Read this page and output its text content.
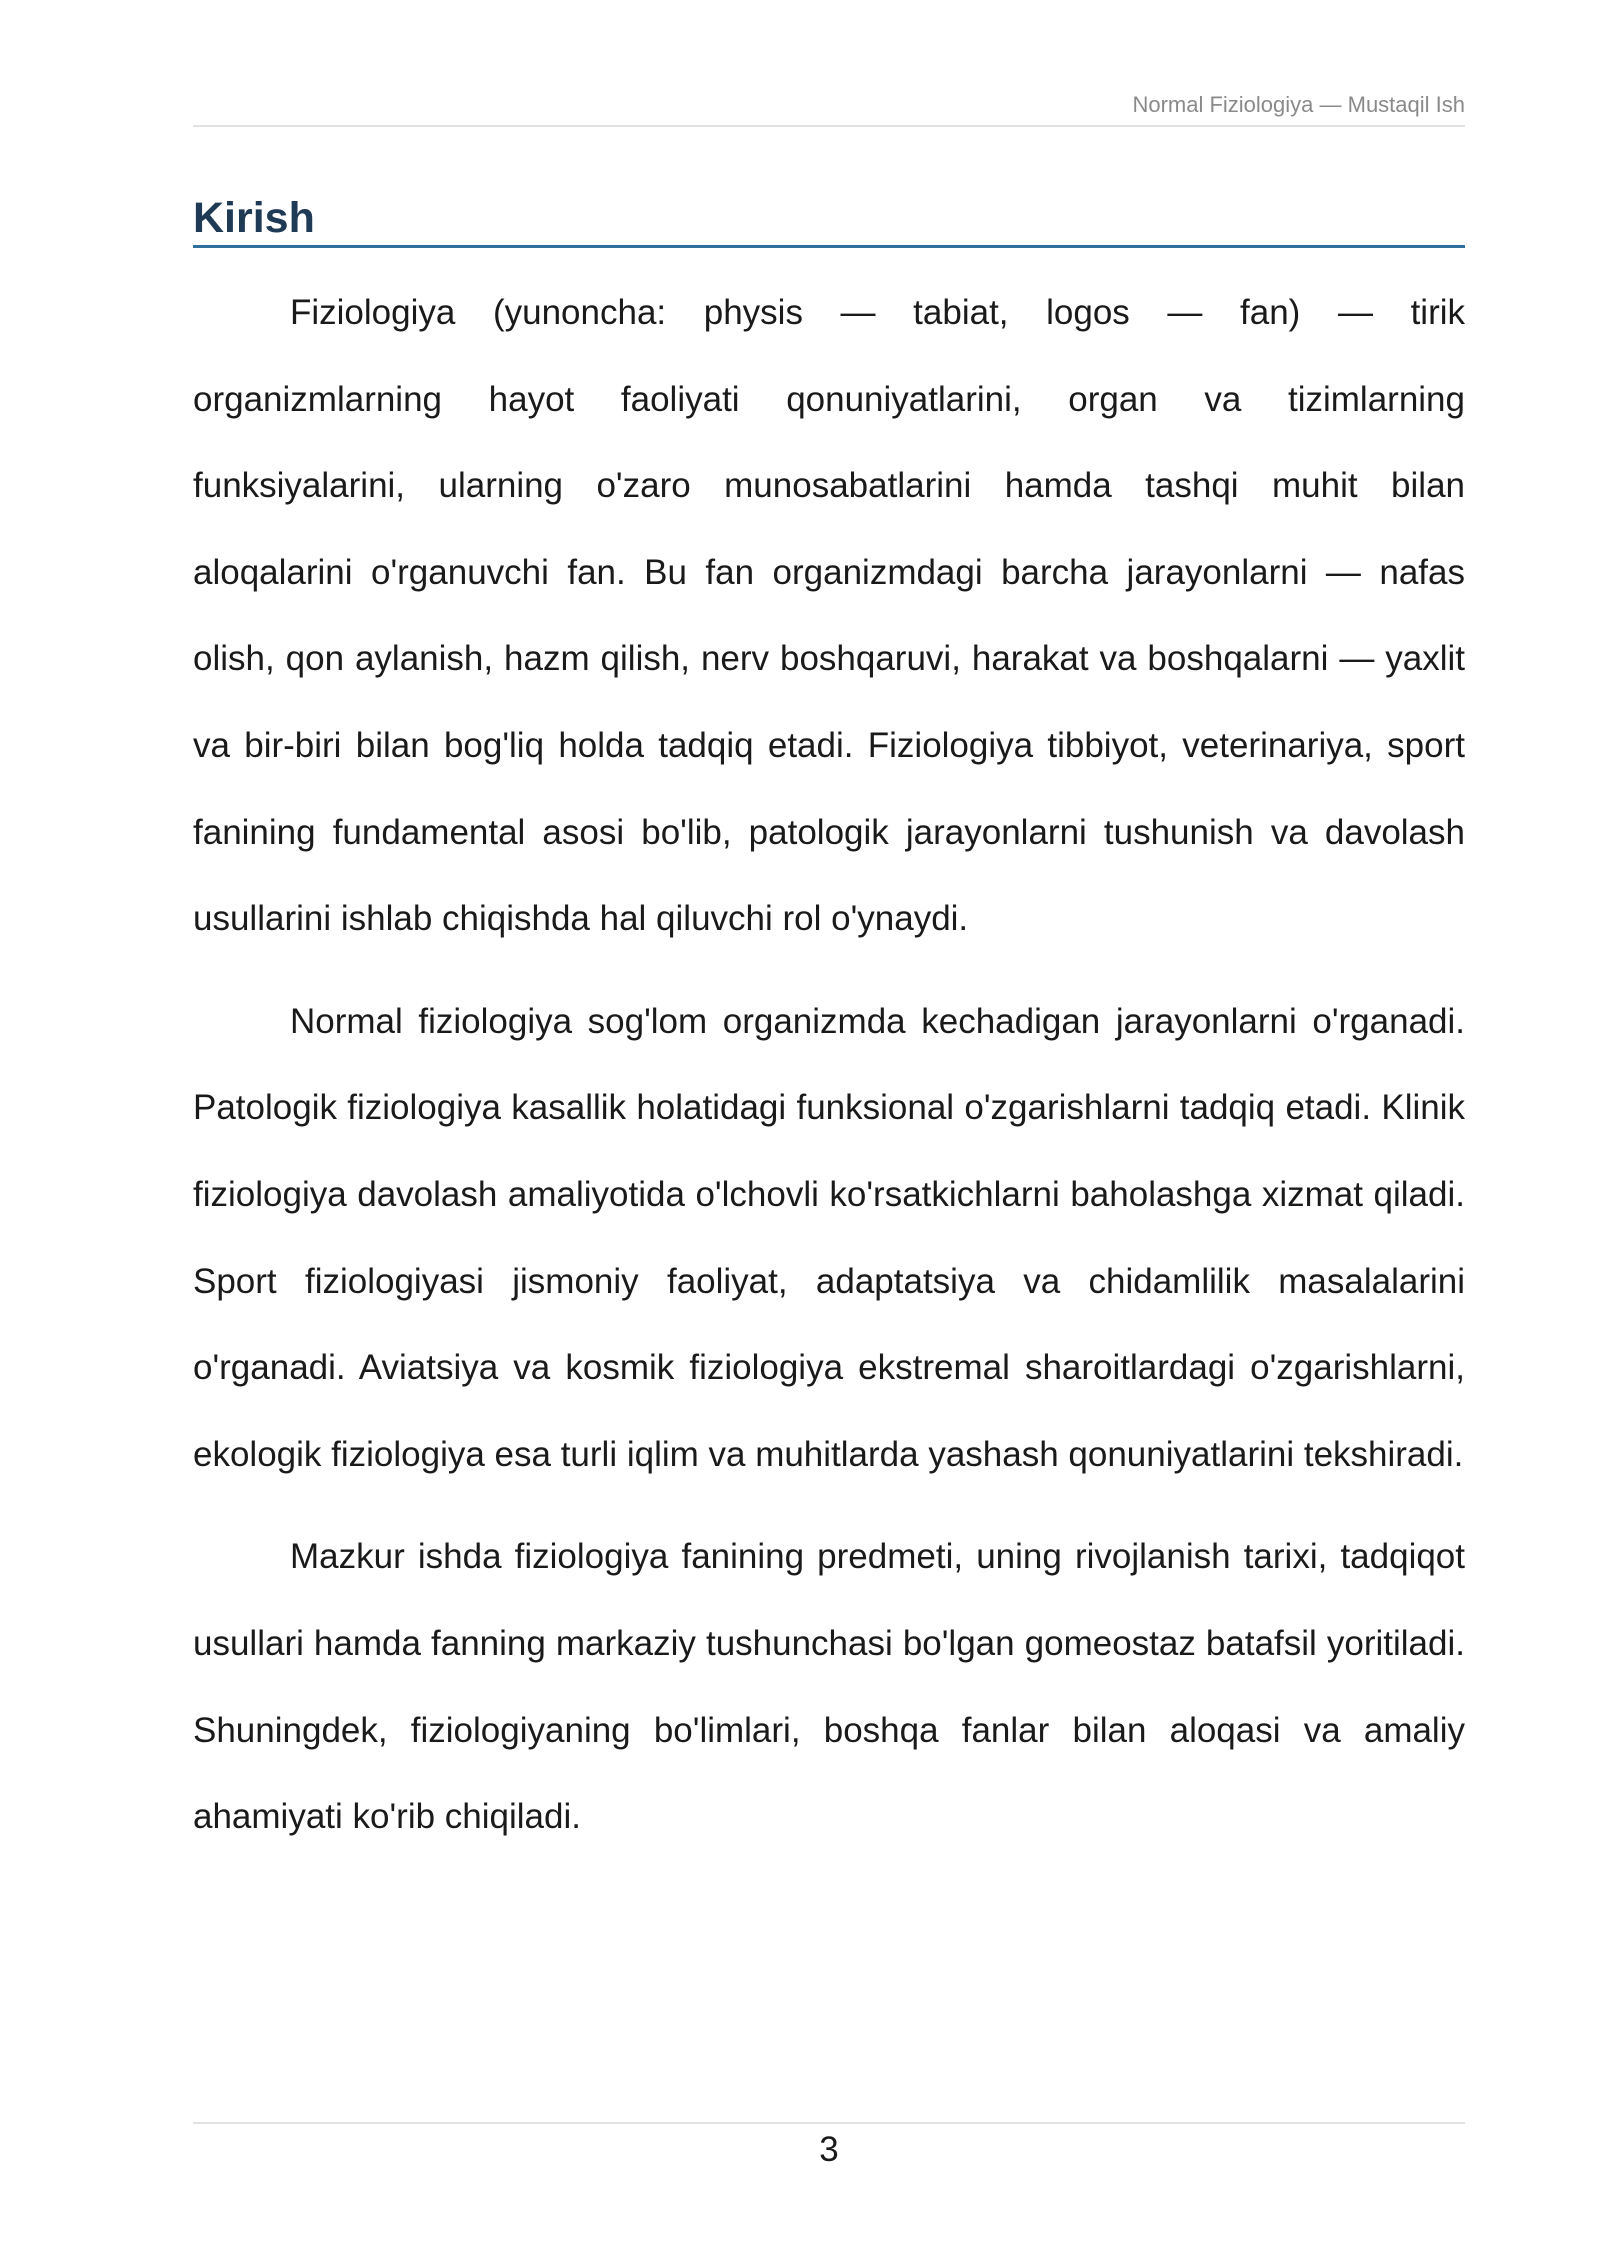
Normal Fiziologiya — Mustaqil Ish
Kirish

Fiziologiya (yunoncha: physis — tabiat, logos — fan) — tirik organizmlarning hayot faoliyati qonuniyatlarini, organ va tizimlarning funksiyalarini, ularning o'zaro munosabatlarini hamda tashqi muhit bilan aloqalarini o'rganuvchi fan. Bu fan organizmdagi barcha jarayonlarni — nafas olish, qon aylanish, hazm qilish, nerv boshqaruvi, harakat va boshqalarni — yaxlit va bir-biri bilan bog'liq holda tadqiq etadi. Fiziologiya tibbiyot, veterinariya, sport fanining fundamental asosi bo'lib, patologik jarayonlarni tushunish va davolash usullarini ishlab chiqishda hal qiluvchi rol o'ynaydi.

Normal fiziologiya sog'lom organizmda kechadigan jarayonlarni o'rganadi. Patologik fiziologiya kasallik holatidagi funksional o'zgarishlarni tadqiq etadi. Klinik fiziologiya davolash amaliyotida o'lchovli ko'rsatkichlarni baholashga xizmat qiladi. Sport fiziologiyasi jismoniy faoliyat, adaptatsiya va chidamlilik masalalarini o'rganadi. Aviatsiya va kosmik fiziologiya ekstremal sharoitlardagi o'zgarishlarni, ekologik fiziologiya esa turli iqlim va muhitlarda yashash qonuniyatlarini tekshiradi.

Mazkur ishda fiziologiya fanining predmeti, uning rivojlanish tarixi, tadqiqot usullari hamda fanning markaziy tushunchasi bo'lgan gomeostaz batafsil yoritiladi. Shuningdek, fiziologiyaning bo'limlari, boshqa fanlar bilan aloqasi va amaliy ahamiyati ko'rib chiqiladi.

3
